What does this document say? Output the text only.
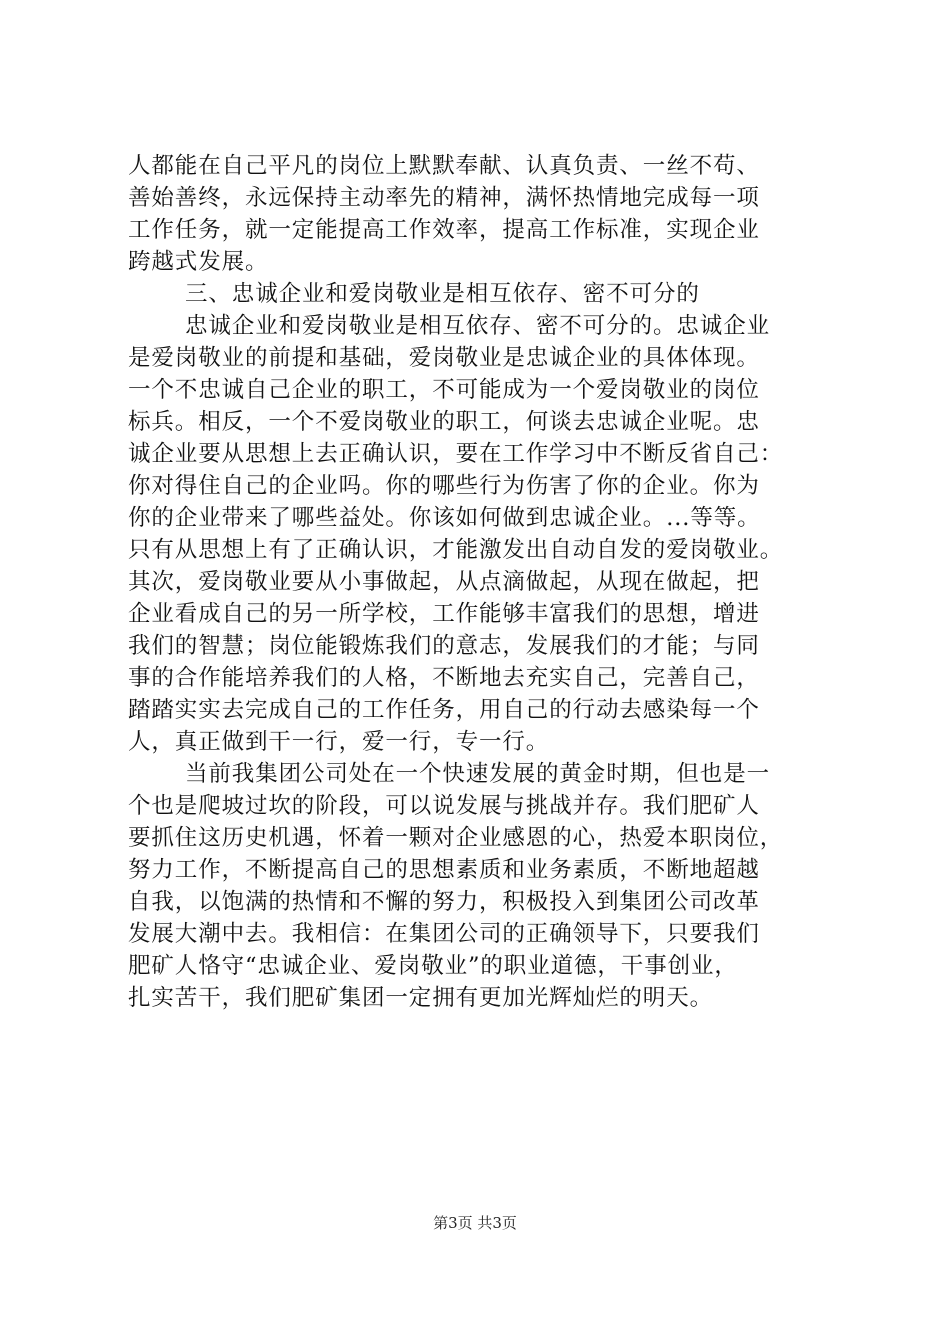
人都能在自己平凡的岗位上默默奉献、认真负责、一丝不苟、
善始善终，永远保持主动率先的精神，满怀热情地完成每一项
工作任务，就一定能提高工作效率，提高工作标准，实现企业
跨越式发展。
三、忠诚企业和爱岗敬业是相互依存、密不可分的
忠诚企业和爱岗敬业是相互依存、密不可分的。忠诚企业
是爱岗敬业的前提和基础，爱岗敬业是忠诚企业的具体体现。
一个不忠诚自己企业的职工，不可能成为一个爱岗敬业的岗位
标兵。相反，一个不爱岗敬业的职工，何谈去忠诚企业呢。忠
诚企业要从思想上去正确认识，要在工作学习中不断反省自己：
你对得住自己的企业吗。你的哪些行为伤害了你的企业。你为
你的企业带来了哪些益处。你该如何做到忠诚企业。...等等。
只有从思想上有了正确认识，才能激发出自动自发的爱岗敬业。
其次，爱岗敬业要从小事做起，从点滴做起，从现在做起，把
企业看成自己的另一所学校，工作能够丰富我们的思想，增进
我们的智慧；岗位能锻炼我们的意志，发展我们的才能；与同
事的合作能培养我们的人格，不断地去充实自己，完善自己，
踏踏实实去完成自己的工作任务，用自己的行动去感染每一个
人，真正做到干一行，爱一行，专一行。
当前我集团公司处在一个快速发展的黄金时期，但也是一
个也是爬坡过坎的阶段，可以说发展与挑战并存。我们肥矿人
要抓住这历史机遇，怀着一颗对企业感恩的心，热爱本职岗位，
努力工作，不断提高自己的思想素质和业务素质，不断地超越
自我，以饱满的热情和不懈的努力，积极投入到集团公司改革
发展大潮中去。我相信：在集团公司的正确领导下，只要我们
肥矿人恪守“忠诚企业、爱岗敬业”的职业道德，干事创业，
扎实苦干，我们肥矿集团一定拥有更加光辉灿烂的明天。
第3页 共3页
